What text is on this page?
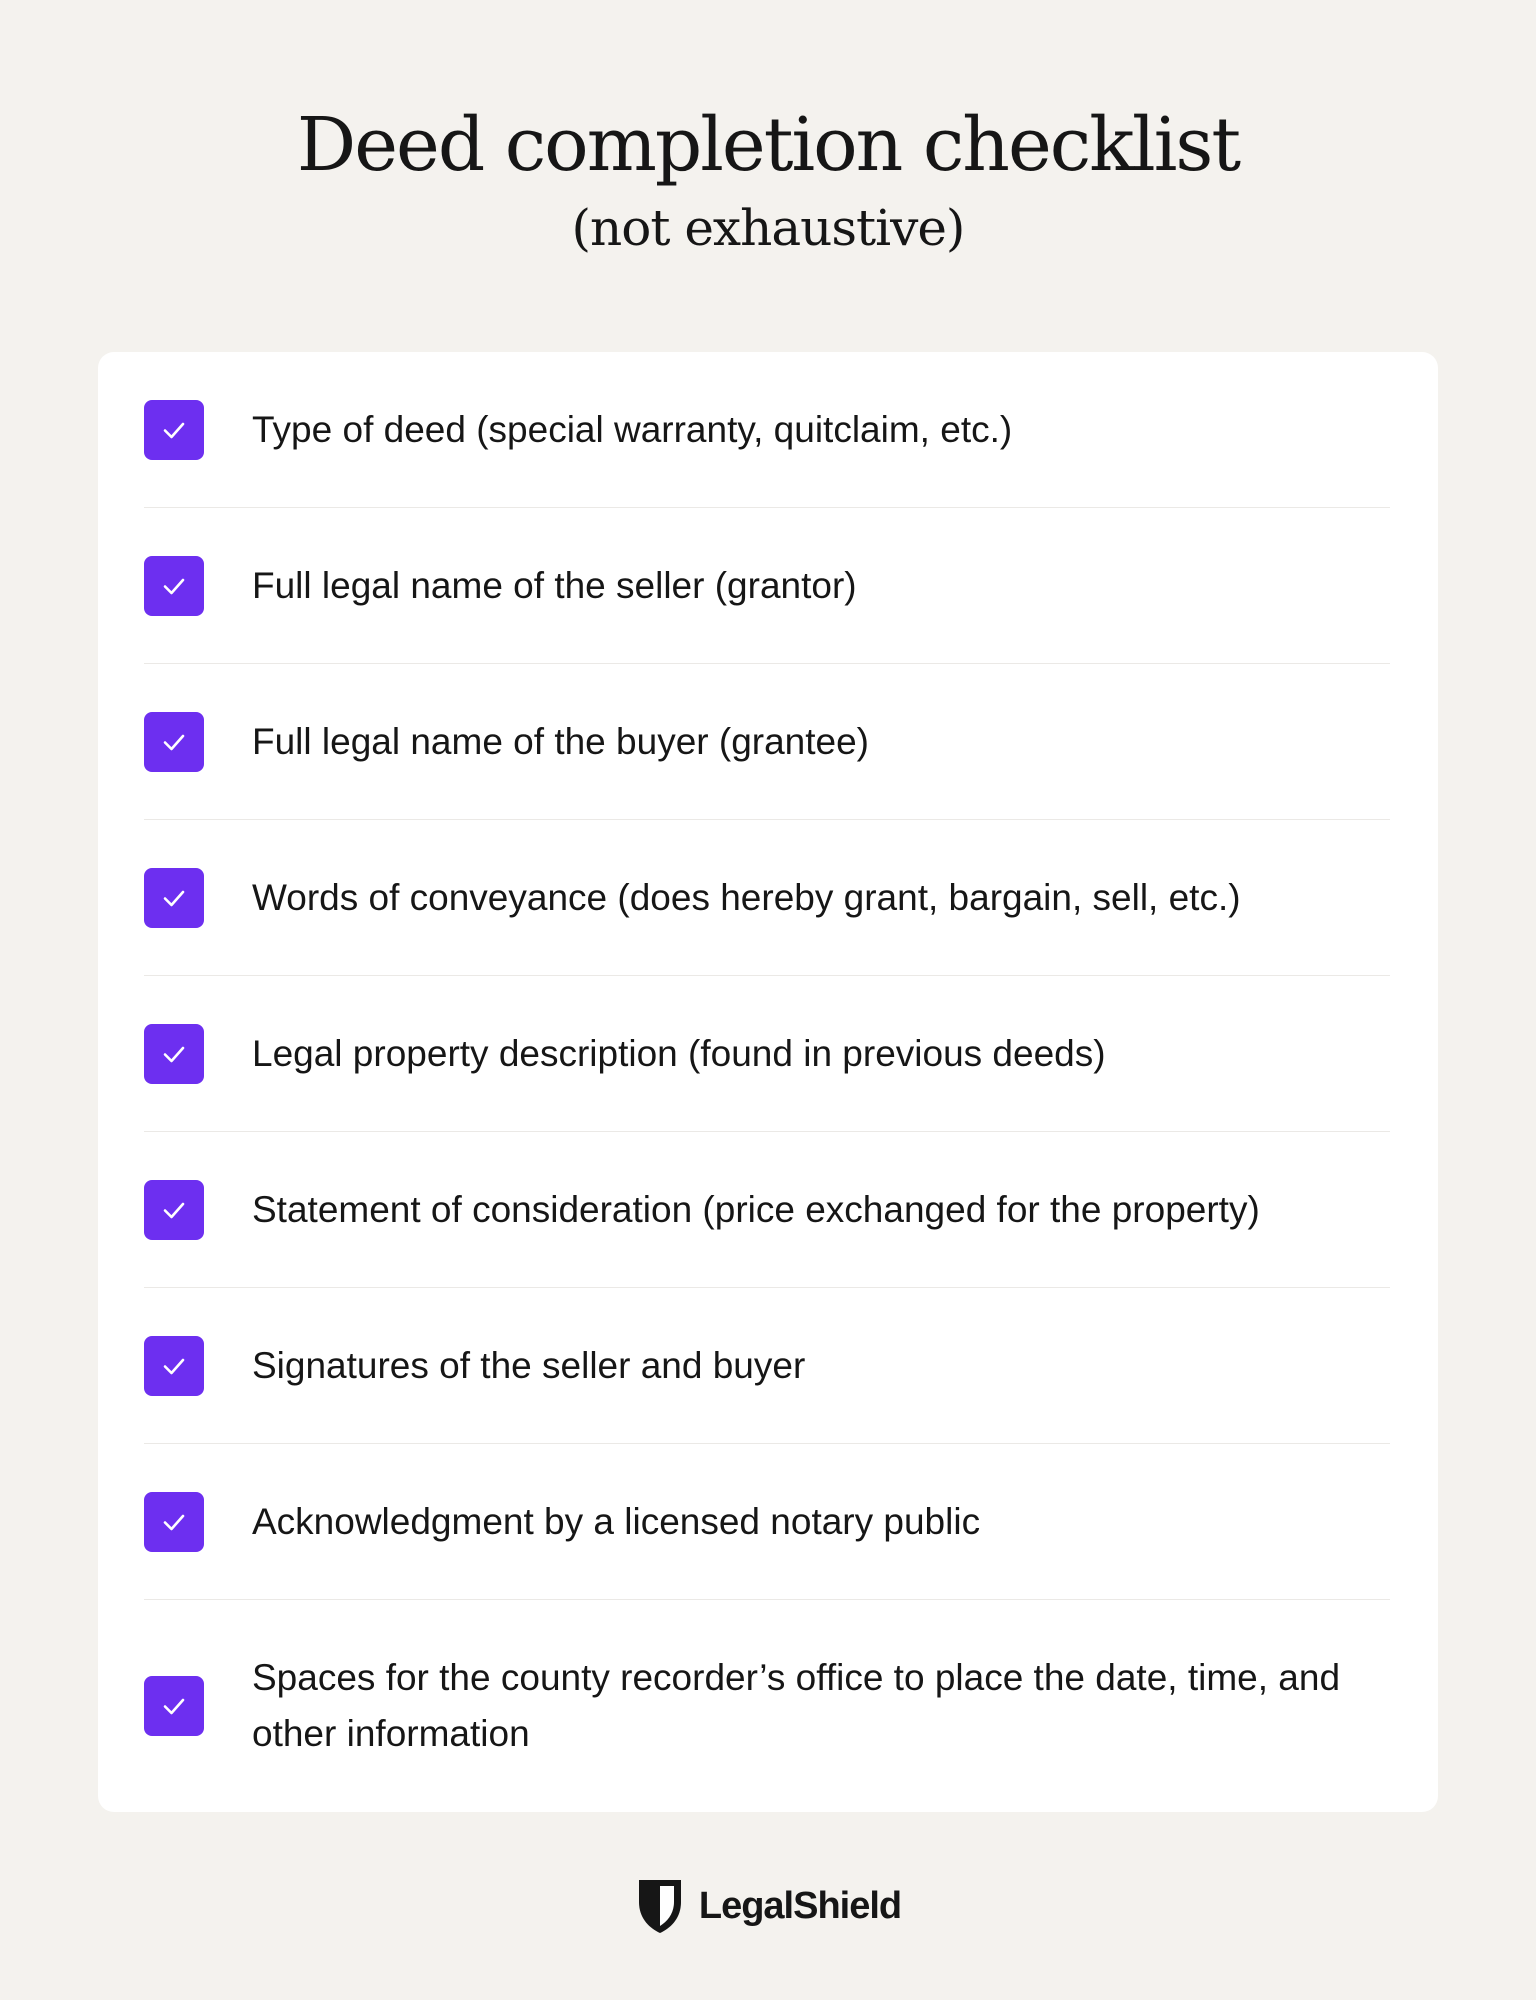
Deed completion checklist
(not exhaustive)
Type of deed (special warranty, quitclaim, etc.)
Full legal name of the seller (grantor)
Full legal name of the buyer (grantee)
Words of conveyance (does hereby grant, bargain, sell, etc.)
Legal property description (found in previous deeds)
Statement of consideration (price exchanged for the property)
Signatures of the seller and buyer
Acknowledgment by a licensed notary public
Spaces for the county recorder’s office to place the date, time, and other information
LegalShield
